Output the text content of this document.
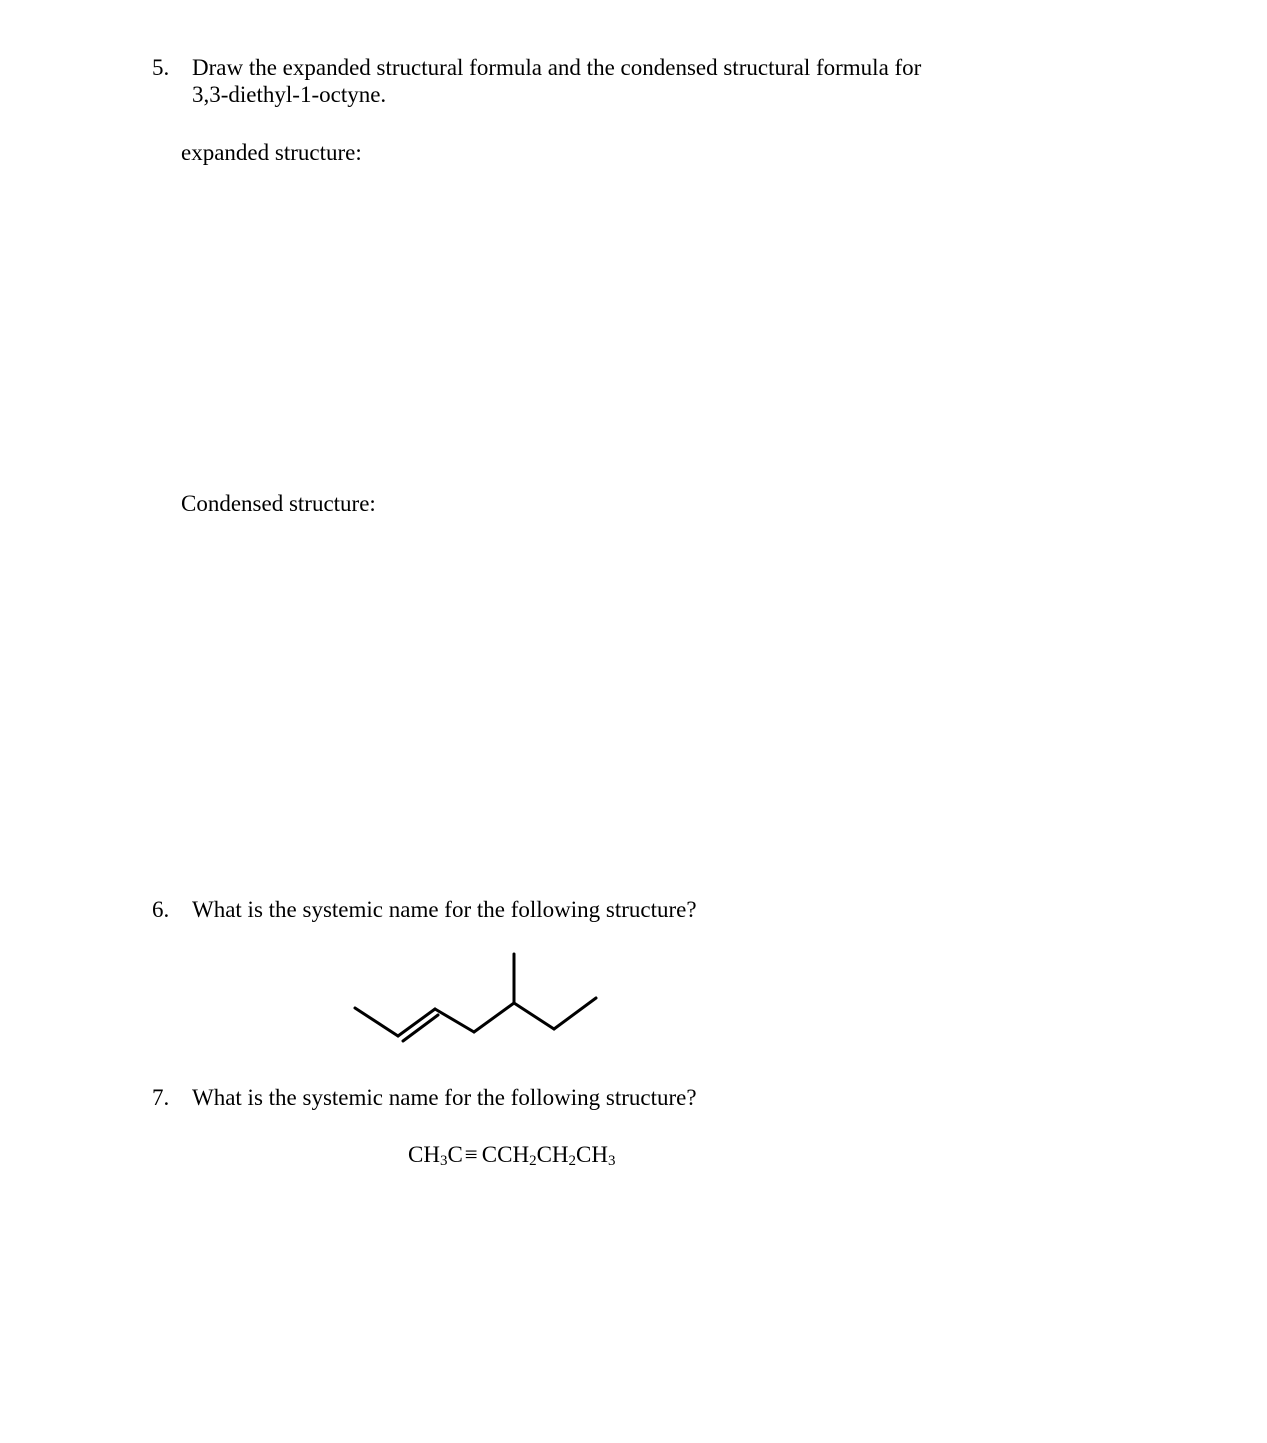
5. Draw the expanded structural formula and the condensed structural formula for
3,3-diethyl-1-octyne.
expanded structure:
Condensed structure:
6. What is the systemic name for the following structure?
7. What is the systemic name for the following structure?
$CH_3C\equiv CCH_2CH_2CH_3$
